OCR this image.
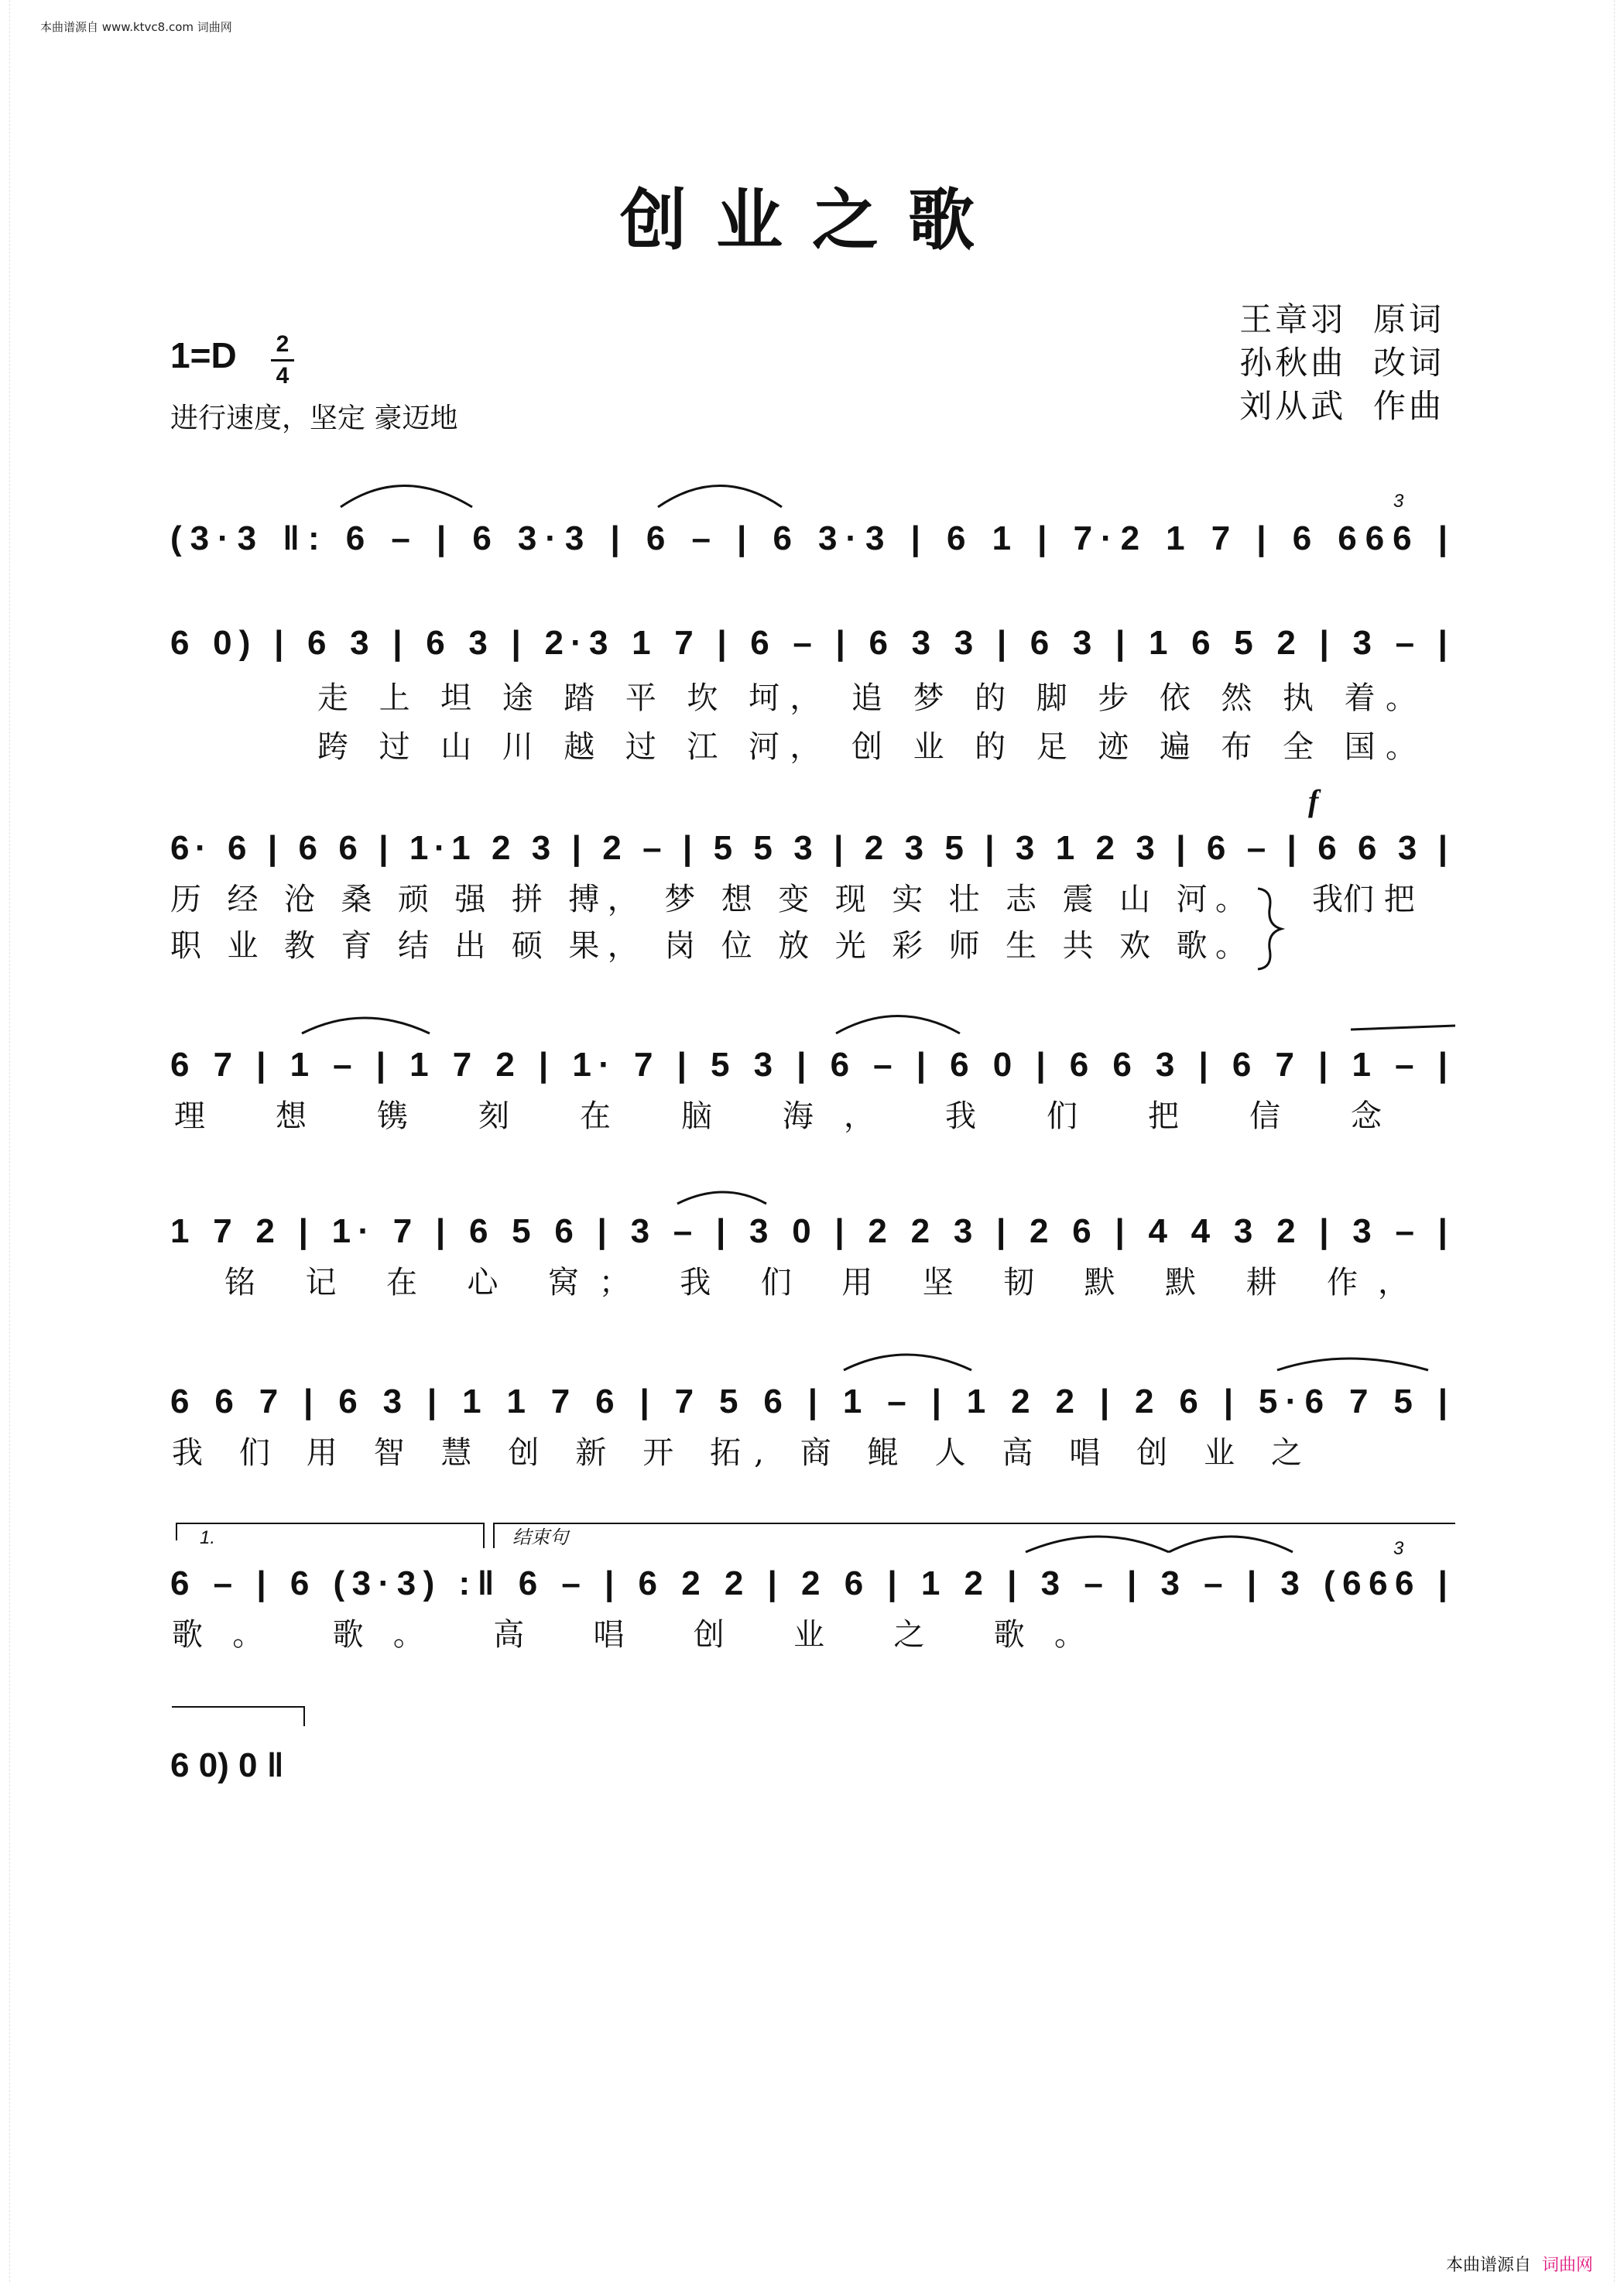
本曲谱源自 www.ktvc8.com 词曲网
创业之歌
1=D 2
4
进行速度，坚定 豪迈地
王章羽 原词
孙秋曲 改词
刘从武 作曲
(3·3 ‖: 6 – | 6 3·3 | 6 – | 6 3·3 | 6 1 | 7·2 1 7 | 6 666 |
3
6 0) | 6 3 | 6 3 | 2·3 1 7 | 6 – | 6 3 3 | 6 3 | 1 6 5 2 | 3 – |
走 上 坦 途 踏 平 坎 坷， 追 梦 的 脚 步 依 然 执 着。
跨 过 山 川 越 过 江 河， 创 业 的 足 迹 遍 布 全 国。
f
6· 6 | 6 6 | 1·1 2 3 | 2 – | 5 5 3 | 2 3 5 | 3 1 2 3 | 6 – | 6 6 3 |
历 经 沧 桑 顽 强 拼 搏， 梦 想 变 现 实 壮 志 震 山 河。
职 业 教 育 结 出 硕 果， 岗 位 放 光 彩 师 生 共 欢 歌。
我们 把
6 7 | 1 – | 1 7 2 | 1· 7 | 5 3 | 6 – | 6 0 | 6 6 3 | 6 7 | 1 – |
理 想 镌 刻 在 脑 海， 我 们 把 信 念
1 7 2 | 1· 7 | 6 5 6 | 3 – | 3 0 | 2 2 3 | 2 6 | 4 4 3 2 | 3 – |
铭 记 在 心 窝； 我 们 用 坚 韧 默 默 耕 作，
6 6 7 | 6 3 | 1 1 7 6 | 7 5 6 | 1 – | 1 2 2 | 2 6 | 5·6 7 5 |
我 们 用 智 慧 创 新 开 拓, 商 鲲 人 高 唱 创 业 之
1.	结束句
6 – | 6 (3·3) :‖ 6 – | 6 2 2 | 2 6 | 1 2 | 3 – | 3 – | 3 (666 |
3
歌。 歌。 高 唱 创 业 之 歌。
6 0) 0 ‖
本曲谱源自 词曲网
